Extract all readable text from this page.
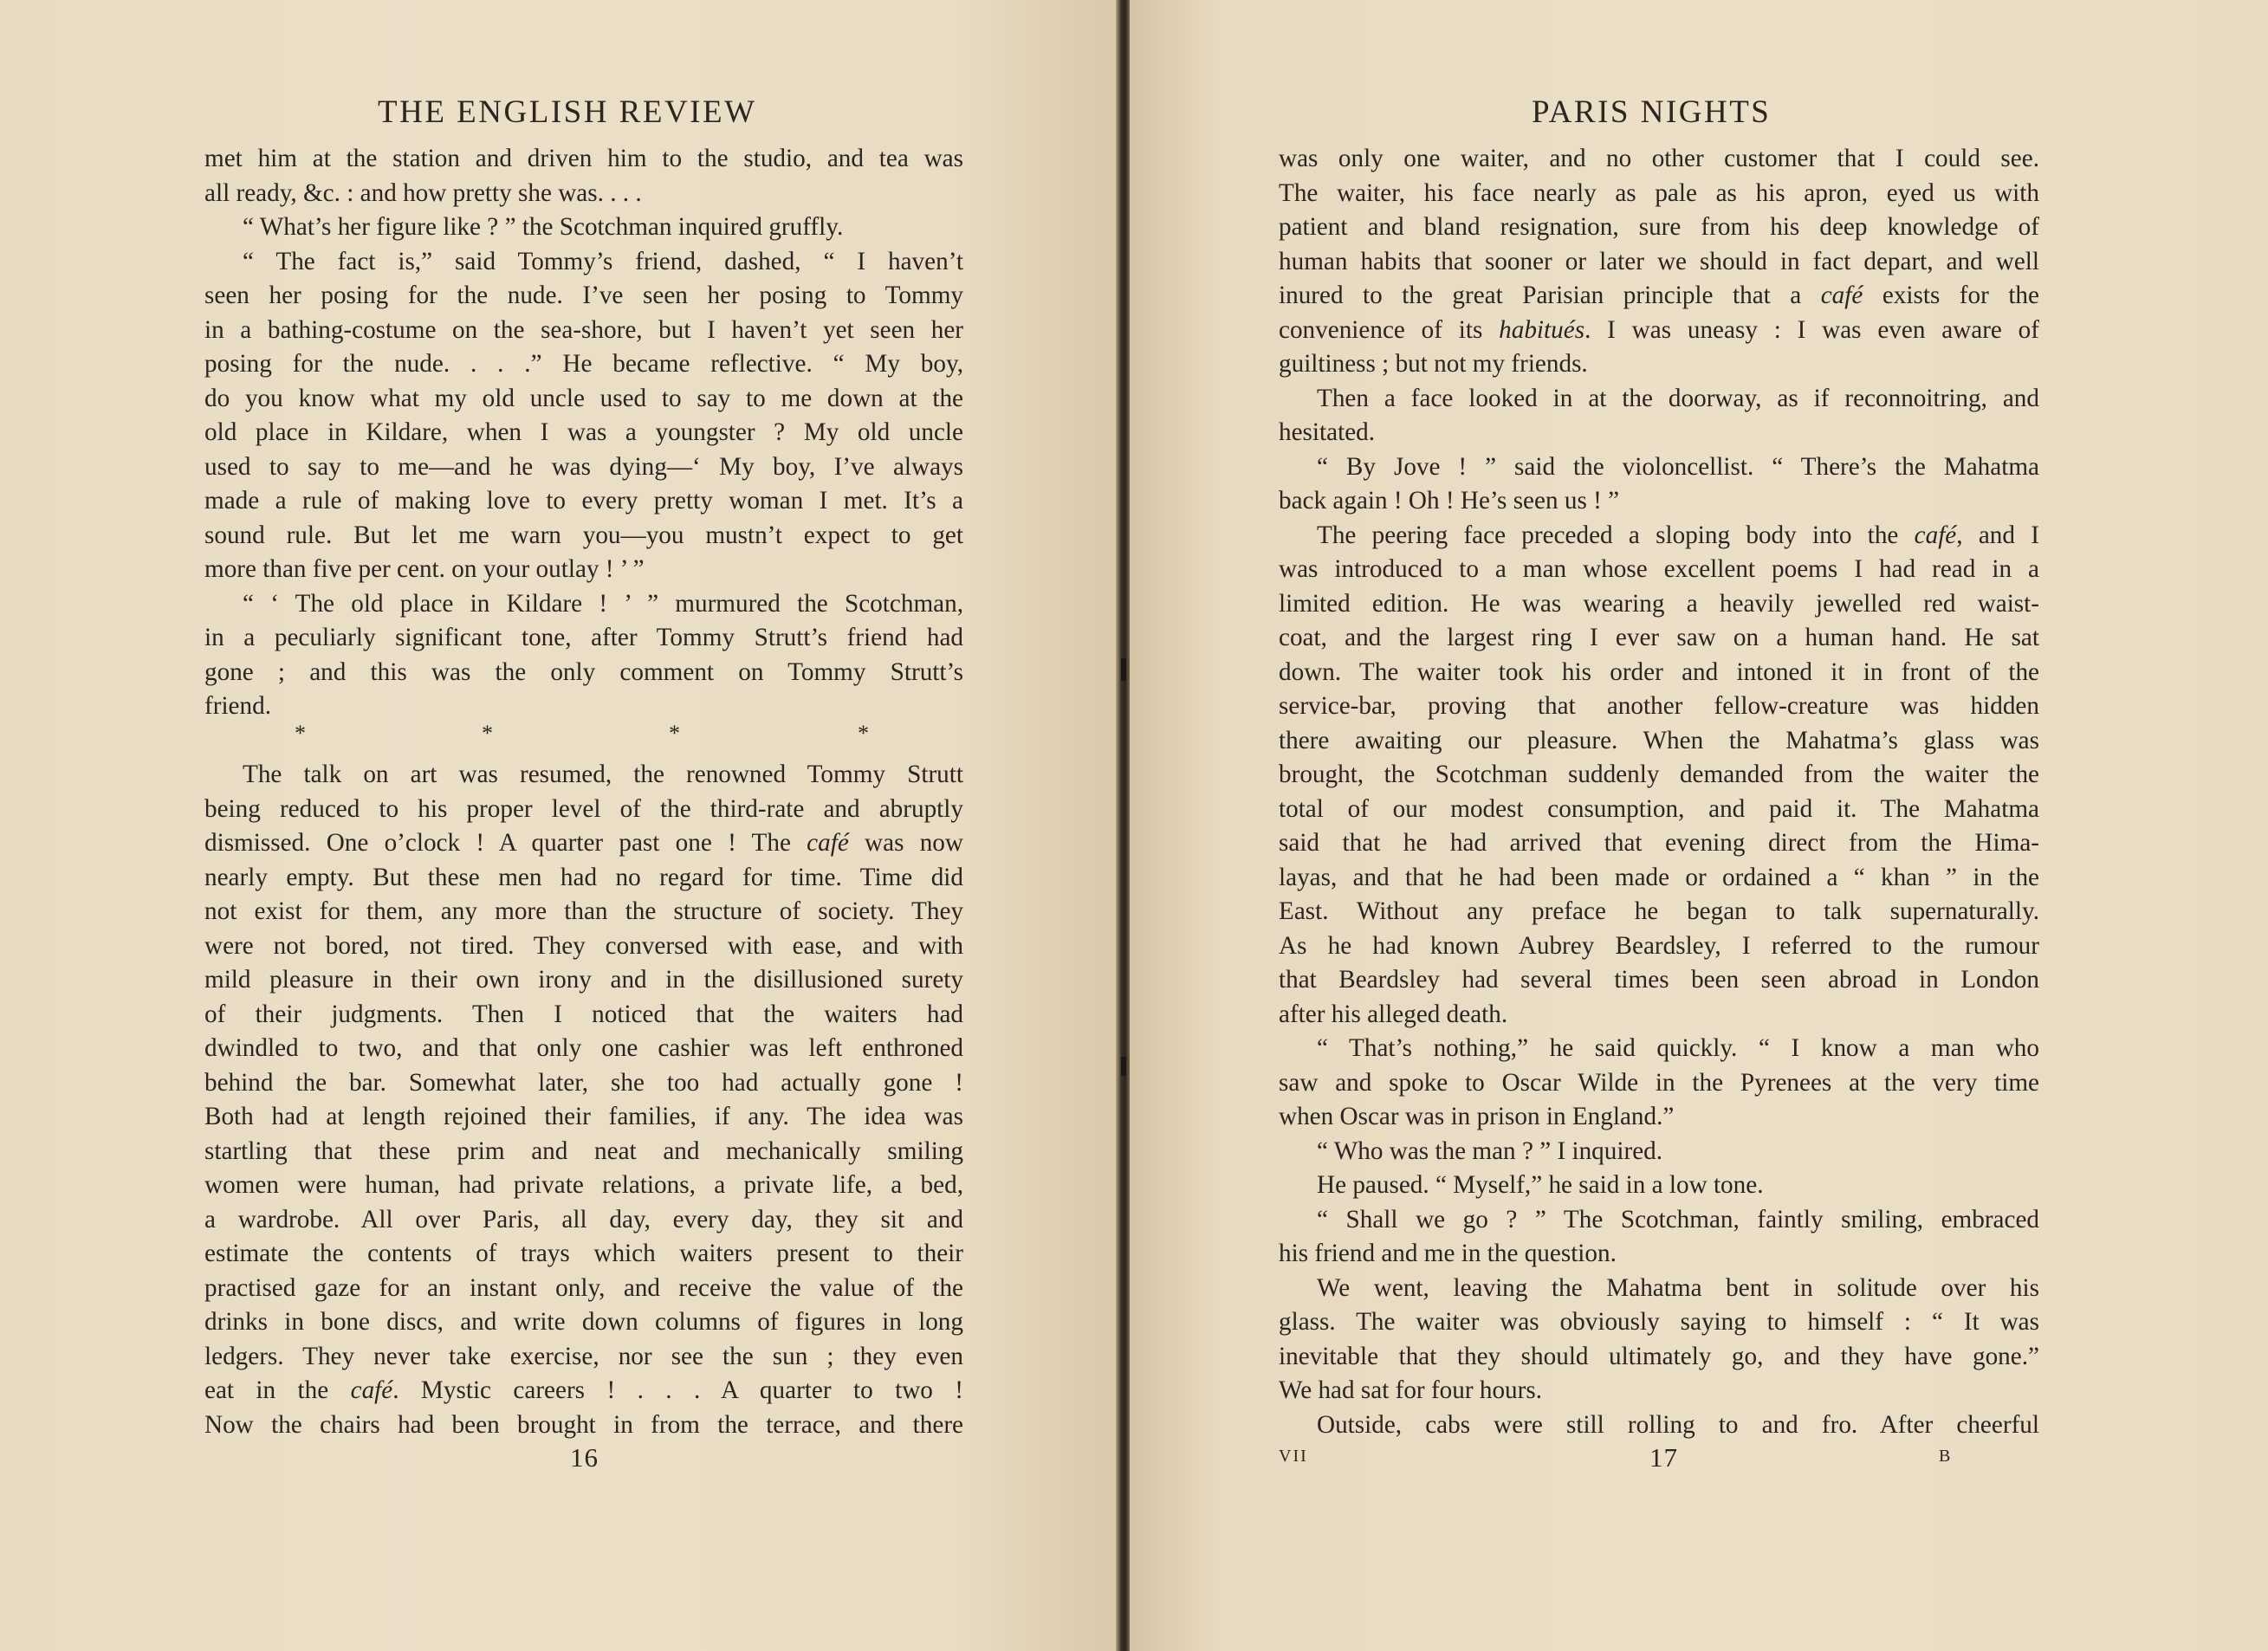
THE ENGLISH REVIEW
met him at the station and driven him to the studio, and tea was
all ready, &c. : and how pretty she was. . . .
“ What’s her figure like ? ” the Scotchman inquired gruffly.
“ The fact is,” said Tommy’s friend, dashed, “ I haven’t
seen her posing for the nude. I’ve seen her posing to Tommy
in a bathing-costume on the sea-shore, but I haven’t yet seen her
posing for the nude. . . .” He became reflective. “ My boy,
do you know what my old uncle used to say to me down at the
old place in Kildare, when I was a youngster ? My old uncle
used to say to me—and he was dying—‘ My boy, I’ve always
made a rule of making love to every pretty woman I met. It’s a
sound rule. But let me warn you—you mustn’t expect to get
more than five per cent. on your outlay ! ’ ”
“ ‘ The old place in Kildare ! ’ ” murmured the Scotchman,
in a peculiarly significant tone, after Tommy Strutt’s friend had
gone ; and this was the only comment on Tommy Strutt’s
friend.
The talk on art was resumed, the renowned Tommy Strutt
being reduced to his proper level of the third-rate and abruptly
dismissed. One o’clock ! A quarter past one ! The café was now
nearly empty. But these men had no regard for time. Time did
not exist for them, any more than the structure of society. They
were not bored, not tired. They conversed with ease, and with
mild pleasure in their own irony and in the disillusioned surety
of their judgments. Then I noticed that the waiters had
dwindled to two, and that only one cashier was left enthroned
behind the bar. Somewhat later, she too had actually gone !
Both had at length rejoined their families, if any. The idea was
startling that these prim and neat and mechanically smiling
women were human, had private relations, a private life, a bed,
a wardrobe. All over Paris, all day, every day, they sit and
estimate the contents of trays which waiters present to their
practised gaze for an instant only, and receive the value of the
drinks in bone discs, and write down columns of figures in long
ledgers. They never take exercise, nor see the sun ; they even
eat in the café. Mystic careers ! . . . A quarter to two !
Now the chairs had been brought in from the terrace, and there
*	*	*	*
16
PARIS NIGHTS
was only one waiter, and no other customer that I could see.
The waiter, his face nearly as pale as his apron, eyed us with
patient and bland resignation, sure from his deep knowledge of
human habits that sooner or later we should in fact depart, and well
inured to the great Parisian principle that a café exists for the
convenience of its habitués. I was uneasy : I was even aware of
guiltiness ; but not my friends.
Then a face looked in at the doorway, as if reconnoitring, and
hesitated.
“ By Jove ! ” said the violoncellist. “ There’s the Mahatma
back again ! Oh ! He’s seen us ! ”
The peering face preceded a sloping body into the café, and I
was introduced to a man whose excellent poems I had read in a
limited edition. He was wearing a heavily jewelled red waist-
coat, and the largest ring I ever saw on a human hand. He sat
down. The waiter took his order and intoned it in front of the
service-bar, proving that another fellow-creature was hidden
there awaiting our pleasure. When the Mahatma’s glass was
brought, the Scotchman suddenly demanded from the waiter the
total of our modest consumption, and paid it. The Mahatma
said that he had arrived that evening direct from the Hima-
layas, and that he had been made or ordained a “ khan ” in the
East. Without any preface he began to talk supernaturally.
As he had known Aubrey Beardsley, I referred to the rumour
that Beardsley had several times been seen abroad in London
after his alleged death.
“ That’s nothing,” he said quickly. “ I know a man who
saw and spoke to Oscar Wilde in the Pyrenees at the very time
when Oscar was in prison in England.”
“ Who was the man ? ” I inquired.
He paused. “ Myself,” he said in a low tone.
“ Shall we go ? ” The Scotchman, faintly smiling, embraced
his friend and me in the question.
We went, leaving the Mahatma bent in solitude over his
glass. The waiter was obviously saying to himself : “ It was
inevitable that they should ultimately go, and they have gone.”
We had sat for four hours.
Outside, cabs were still rolling to and fro. After cheerful
VII	17	B
